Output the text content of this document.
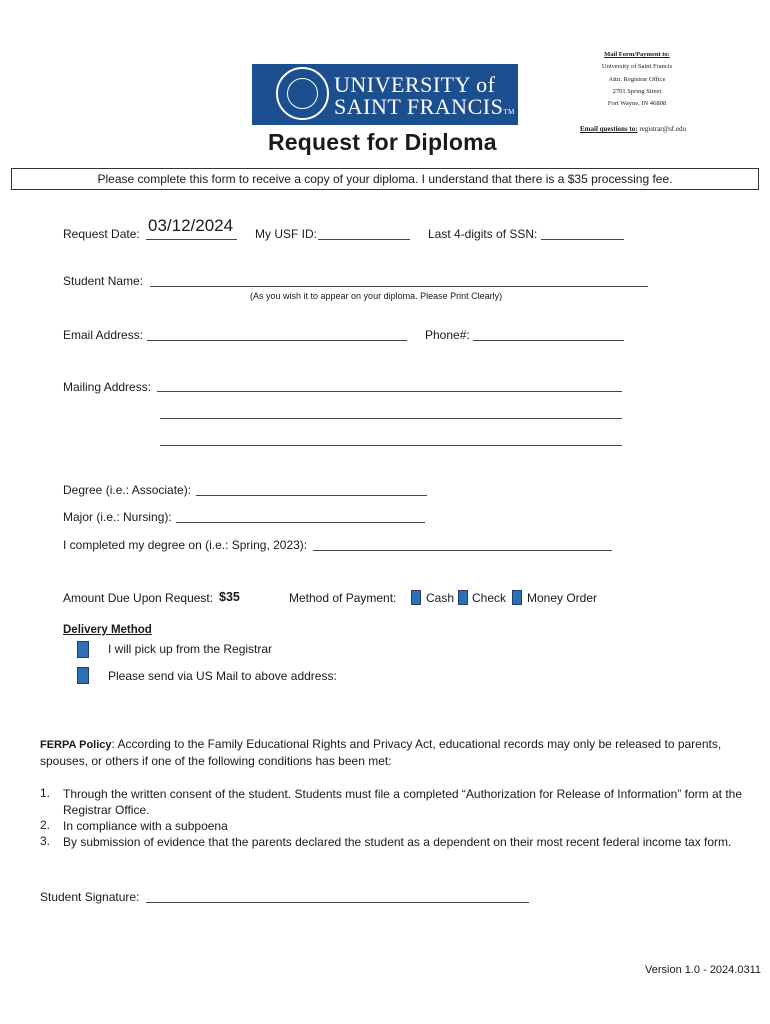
UNIVERSITY of
SAINT FRANCISTM
Mail Form/Payment to:
University of Saint Francis
Attn: Registrar Office
2701 Spring Street
Fort Wayne, IN 46808
Email questions to: registrar@sf.edu
Request for Diploma
Please complete this form to receive a copy of your diploma. I understand that there is a $35 processing fee.
Request Date: 03/12/2024 My USF ID:	Last 4-digits of SSN:
Student Name:
(As you wish it to appear on your diploma. Please Print Clearly)
Email Address:	Phone#:
Mailing Address:
Degree (i.e.: Associate):
Major (i.e.: Nursing):
I completed my degree on (i.e.: Spring, 2023):
Amount Due Upon Request: $35	Method of Payment: Cash Check Money Order
Delivery Method
I will pick up from the Registrar
Please send via US Mail to above address:
FERPA Policy: According to the Family Educational Rights and Privacy Act, educational records may only be released to parents, spouses, or others if one of the following conditions has been met:
1. Through the written consent of the student. Students must file a completed “Authorization for Release of Information” form at the Registrar Office.
2. In compliance with a subpoena
3. By submission of evidence that the parents declared the student as a dependent on their most recent federal income tax form.
Student Signature:
Version 1.0 - 2024.0311
